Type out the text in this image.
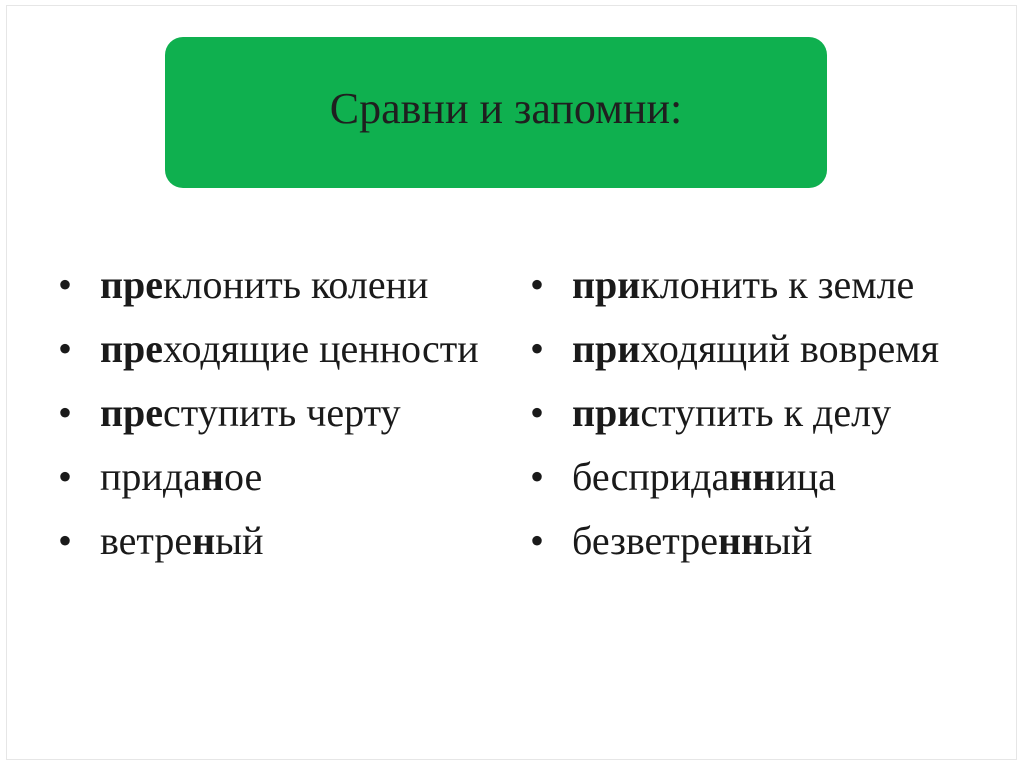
Сравни и запомни:
• преклонить колени
• преходящие ценности
• преступить черту
• приданое
• ветреный
• приклонить к земле
• приходящий вовремя
• приступить к делу
• бесприданница
• безветренный
